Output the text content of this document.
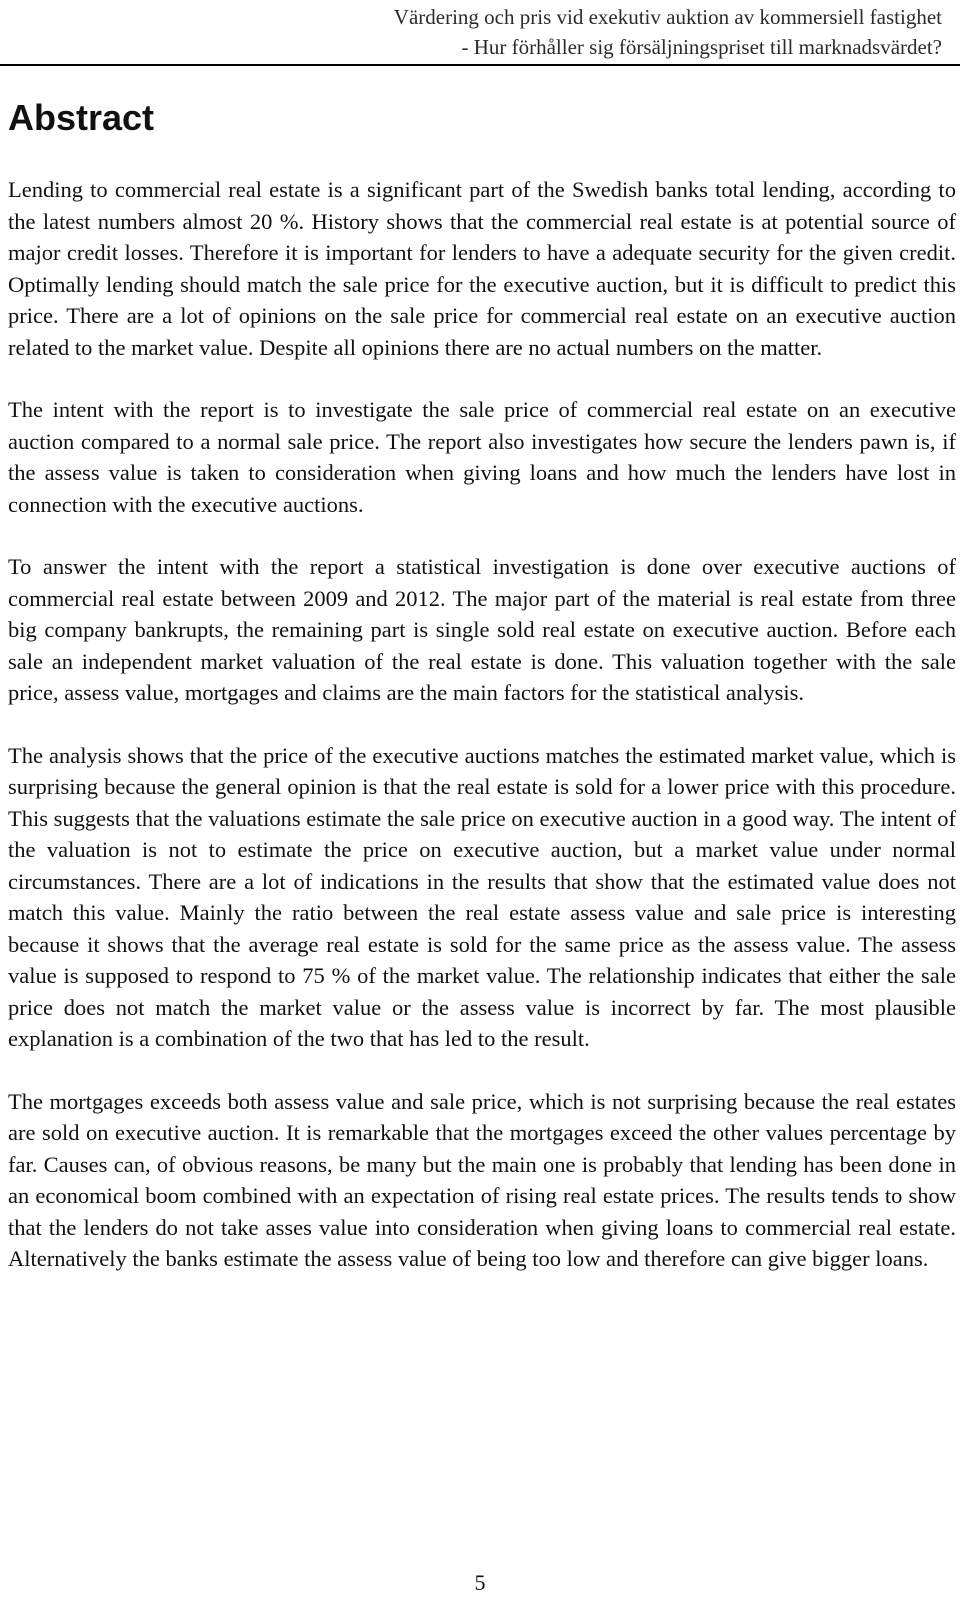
Värdering och pris vid exekutiv auktion av kommersiell fastighet
- Hur förhåller sig försäljningspriset till marknadsvärdet?
Abstract

Lending to commercial real estate is a significant part of the Swedish banks total lending, according to the latest numbers almost 20 %. History shows that the commercial real estate is at potential source of major credit losses. Therefore it is important for lenders to have a adequate security for the given credit. Optimally lending should match the sale price for the executive auction, but it is difficult to predict this price. There are a lot of opinions on the sale price for commercial real estate on an executive auction related to the market value. Despite all opinions there are no actual numbers on the matter.

The intent with the report is to investigate the sale price of commercial real estate on an executive auction compared to a normal sale price. The report also investigates how secure the lenders pawn is, if the assess value is taken to consideration when giving loans and how much the lenders have lost in connection with the executive auctions.

To answer the intent with the report a statistical investigation is done over executive auctions of commercial real estate between 2009 and 2012. The major part of the material is real estate from three big company bankrupts, the remaining part is single sold real estate on executive auction. Before each sale an independent market valuation of the real estate is done. This valuation together with the sale price, assess value, mortgages and claims are the main factors for the statistical analysis.

The analysis shows that the price of the executive auctions matches the estimated market value, which is surprising because the general opinion is that the real estate is sold for a lower price with this procedure. This suggests that the valuations estimate the sale price on executive auction in a good way. The intent of the valuation is not to estimate the price on executive auction, but a market value under normal circumstances. There are a lot of indications in the results that show that the estimated value does not match this value. Mainly the ratio between the real estate assess value and sale price is interesting because it shows that the average real estate is sold for the same price as the assess value. The assess value is supposed to respond to 75 % of the market value. The relationship indicates that either the sale price does not match the market value or the assess value is incorrect by far. The most plausible explanation is a combination of the two that has led to the result.

The mortgages exceeds both assess value and sale price, which is not surprising because the real estates are sold on executive auction. It is remarkable that the mortgages exceed the other values percentage by far. Causes can, of obvious reasons, be many but the main one is probably that lending has been done in an economical boom combined with an expectation of rising real estate prices. The results tends to show that the lenders do not take asses value into consideration when giving loans to commercial real estate. Alternatively the banks estimate the assess value of being too low and therefore can give bigger loans.

5
